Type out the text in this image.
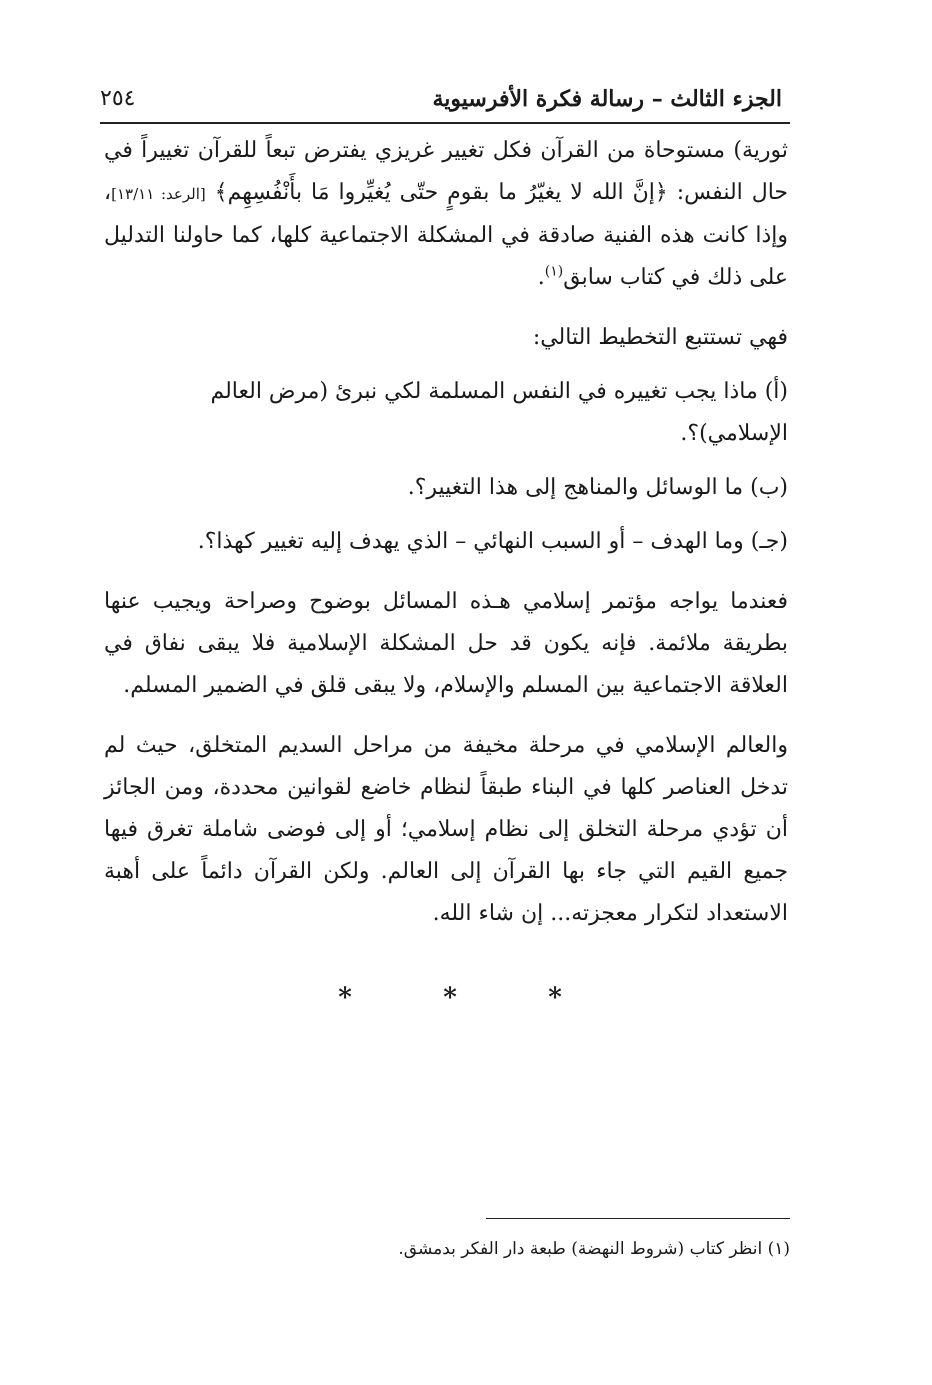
الجزء الثالث – رسالة فكرة الأفرسيوية
٢٥٤

ثورية) مستوحاة من القرآن فكل تغيير غريزي يفترض تبعاً للقرآن تغييراً في حال النفس: ﴿إنَّ الله لا يغيّرُ ما بقومٍ حتّى يُغيِّروا مَا بأَنْفُسِهِم﴾ [الرعد: ١٣/١١]، وإذا كانت هذه الفنية صادقة في المشكلة الاجتماعية كلها، كما حاولنا التدليل على ذلك في كتاب سابق$^{(١)}$.

فهي تستتبع التخطيط التالي:

(أ) ماذا يجب تغييره في النفس المسلمة لكي نبرئ (مرض العالم الإسلامي)؟.

(ب) ما الوسائل والمناهج إلى هذا التغيير؟.

(جـ) وما الهدف – أو السبب النهائي – الذي يهدف إليه تغيير كهذا؟.

فعندما يواجه مؤتمر إسلامي هـذه المسائل بوضوح وصراحة ويجيب عنها بطريقة ملائمة. فإنه يكون قد حل المشكلة الإسلامية فلا يبقى نفاق في العلاقة الاجتماعية بين المسلم والإسلام، ولا يبقى قلق في الضمير المسلم.

والعالم الإسلامي في مرحلة مخيفة من مراحل السديم المتخلق، حيث لم تدخل العناصر كلها في البناء طبقاً لنظام خاضع لقوانين محددة، ومن الجائز أن تؤدي مرحلة التخلق إلى نظام إسلامي؛ أو إلى فوضى شاملة تغرق فيها جميع القيم التي جاء بها القرآن إلى العالم. ولكن القرآن دائماً على أهبة الاستعداد لتكرار معجزته... إن شاء الله.

*	*	*
(١) انظر كتاب (شروط النهضة) طبعة دار الفكر بدمشق.
